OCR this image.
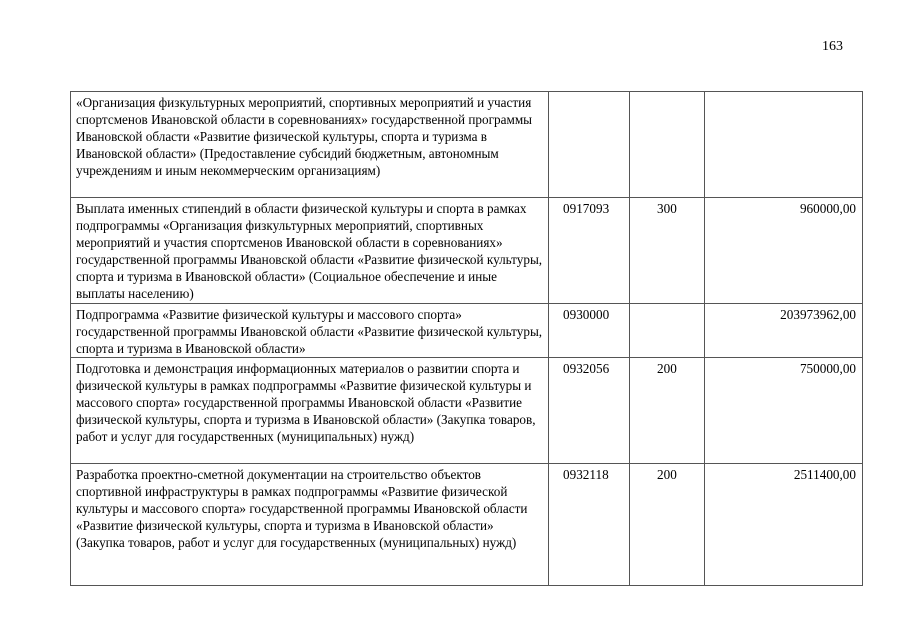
163
«Организация физкультурных мероприятий, спортивных мероприятий и участия спортсменов Ивановской области в соревнованиях» государственной программы Ивановской области «Развитие физической культуры, спорта и туризма в Ивановской области» (Предоставление субсидий бюджетным, автономным учреждениям и иным некоммерческим организациям)			
Выплата именных стипендий в области физической культуры и спорта в рамках подпрограммы «Организация физкультурных мероприятий, спортивных мероприятий и участия спортсменов Ивановской области в соревнованиях» государственной программы Ивановской области «Развитие физической культуры, спорта и туризма в Ивановской области» (Социальное обеспечение и иные выплаты населению)	0917093	300	960000,00
Подпрограмма «Развитие физической культуры и массового спорта» государственной программы Ивановской области «Развитие физической культуры, спорта и туризма в Ивановской области»	0930000		203973962,00
Подготовка и демонстрация информационных материалов о развитии спорта и физической культуры в рамках подпрограммы «Развитие физической культуры и массового спорта» государственной программы Ивановской области «Развитие физической культуры, спорта и туризма в Ивановской области» (Закупка товаров, работ и услуг для государственных (муниципальных) нужд)	0932056	200	750000,00
Разработка проектно-сметной документации на строительство объектов спортивной инфраструктуры в рамках подпрограммы «Развитие физической культуры и массового спорта» государственной программы Ивановской области «Развитие физической культуры, спорта и туризма в Ивановской области» (Закупка товаров, работ и услуг для государственных (муниципальных) нужд)	0932118	200	2511400,00
